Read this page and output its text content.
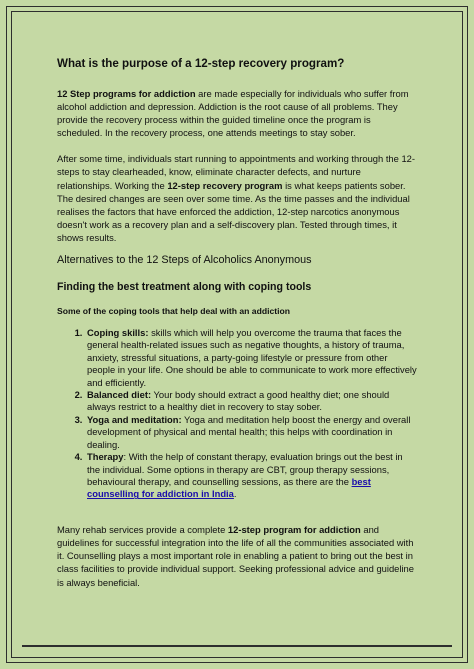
What is the purpose of a 12-step recovery program?

12 Step programs for addiction are made especially for individuals who suffer from alcohol addiction and depression. Addiction is the root cause of all problems. They provide the recovery process within the guided timeline once the program is scheduled. In the recovery process, one attends meetings to stay sober.

After some time, individuals start running to appointments and working through the 12-steps to stay clearheaded, know, eliminate character defects, and nurture relationships. Working the 12-step recovery program is what keeps patients sober. The desired changes are seen over some time. As the time passes and the individual realises the factors that have enforced the addiction, 12-step narcotics anonymous doesn't work as a recovery plan and a self-discovery plan. Tested through times, it shows results.

Alternatives to the 12 Steps of Alcoholics Anonymous

Finding the best treatment along with coping tools

Some of the coping tools that help deal with an addiction

1. Coping skills: skills which will help you overcome the trauma that faces the general health-related issues such as negative thoughts, a history of trauma, anxiety, stressful situations, a party-going lifestyle or pressure from other people in your life. One should be able to communicate to work more effectively and efficiently.
2. Balanced diet: Your body should extract a good healthy diet; one should always restrict to a healthy diet in recovery to stay sober.
3. Yoga and meditation: Yoga and meditation help boost the energy and overall development of physical and mental health; this helps with coordination in dealing.
4. Therapy: With the help of constant therapy, evaluation brings out the best in the individual. Some options in therapy are CBT, group therapy sessions, behavioural therapy, and counselling sessions, as there are the best counselling for addiction in India.

Many rehab services provide a complete 12-step program for addiction and guidelines for successful integration into the life of all the communities associated with it. Counselling plays a most important role in enabling a patient to bring out the best in class facilities to provide individual support. Seeking professional advice and guideline is always beneficial.
